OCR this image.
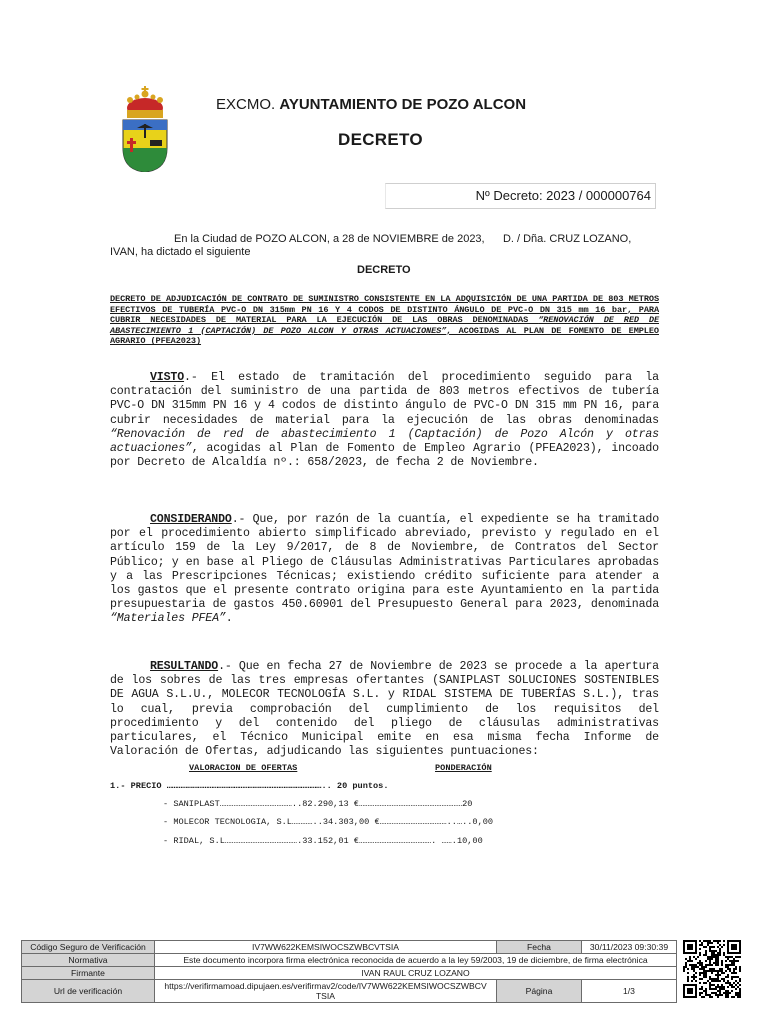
EXCMO. AYUNTAMIENTO DE POZO ALCON
DECRETO
Nº Decreto: 2023 / 000000764
En la Ciudad de POZO ALCON, a 28 de NOVIEMBRE de 2023,      D. / Dña. CRUZ LOZANO,
IVAN, ha dictado el siguiente
DECRETO
DECRETO DE ADJUDICACIÓN DE CONTRATO DE SUMINISTRO CONSISTENTE EN LA ADQUISICIÓN DE UNA PARTIDA DE 803 METROS EFECTIVOS DE TUBERÍA PVC-O DN 315mm PN 16 Y 4 CODOS DE DISTINTO ÁNGULO DE PVC-O DN 315 mm 16 bar, PARA CUBRIR NECESIDADES DE MATERIAL PARA LA EJECUCIÓN DE LAS OBRAS DENOMINADAS “RENOVACIÓN DE RED DE ABASTECIMIENTO 1 (CAPTACIÓN) DE POZO ALCON Y OTRAS ACTUACIONES”, ACOGIDAS AL PLAN DE FOMENTO DE EMPLEO AGRARIO (PFEA2023)
VISTO.- El estado de tramitación del procedimiento seguido para la contratación del suministro de una partida de 803 metros efectivos de tubería PVC-O DN 315mm PN 16 y 4 codos de distinto ángulo de PVC-O DN 315 mm PN 16, para cubrir necesidades de material para la ejecución de las obras denominadas “Renovación de red de abastecimiento 1 (Captación) de Pozo Alcón y otras actuaciones”, acogidas al Plan de Fomento de Empleo Agrario (PFEA2023), incoado por Decreto de Alcaldía nº.: 658/2023, de fecha 2 de Noviembre.
CONSIDERANDO.- Que, por razón de la cuantía, el expediente se ha tramitado por el procedimiento abierto simplificado abreviado, previsto y regulado en el artículo 159 de la Ley 9/2017, de 8 de Noviembre, de Contratos del Sector Público; y en base al Pliego de Cláusulas Administrativas Particulares aprobadas y a las Prescripciones Técnicas; existiendo crédito suficiente para atender a los gastos que el presente contrato origina para este Ayuntamiento en la partida presupuestaria de gastos 450.60901 del Presupuesto General para 2023, denominada “Materiales PFEA”.
RESULTANDO.- Que en fecha 27 de Noviembre de 2023 se procede a la apertura de los sobres de las tres empresas ofertantes (SANIPLAST SOLUCIONES SOSTENIBLES DE AGUA S.L.U., MOLECOR TECNOLOGÍA S.L. y RIDAL SISTEMA DE TUBERÍAS S.L.), tras lo cual, previa comprobación del cumplimiento de los requisitos del procedimiento y del contenido del pliego de cláusulas administrativas particulares, el Técnico Municipal emite en esa misma fecha Informe de Valoración de Ofertas, adjudicando las siguientes puntuaciones:
VALORACION DE OFERTAS	PONDERACIÓN
1.- PRECIO ……………………………………………………………………………….. 20 puntos.
- SANIPLAST……………………………………..82.290,13 €……………………………………………………20
- MOLECOR TECNOLOGIA, S.L…………..34.303,00 €…………………………………..…..0,00
- RIDAL, S.L…………………………………….33.152,01 €……………………………………. …….10,00
Código Seguro de Verificación	IV7WW622KEMSIWOCSZWBCVTSIA	Fecha	30/11/2023 09:30:39
Normativa	Este documento incorpora firma electrónica reconocida de acuerdo a la ley 59/2003, 19 de diciembre, de firma electrónica		
Firmante	IVAN RAUL CRUZ LOZANO		
Url de verificación	https://verifirmamoad.dipujaen.es/verifirmav2/code/IV7WW622KEMSIWOCSZWBCV TSIA	Página	1/3
